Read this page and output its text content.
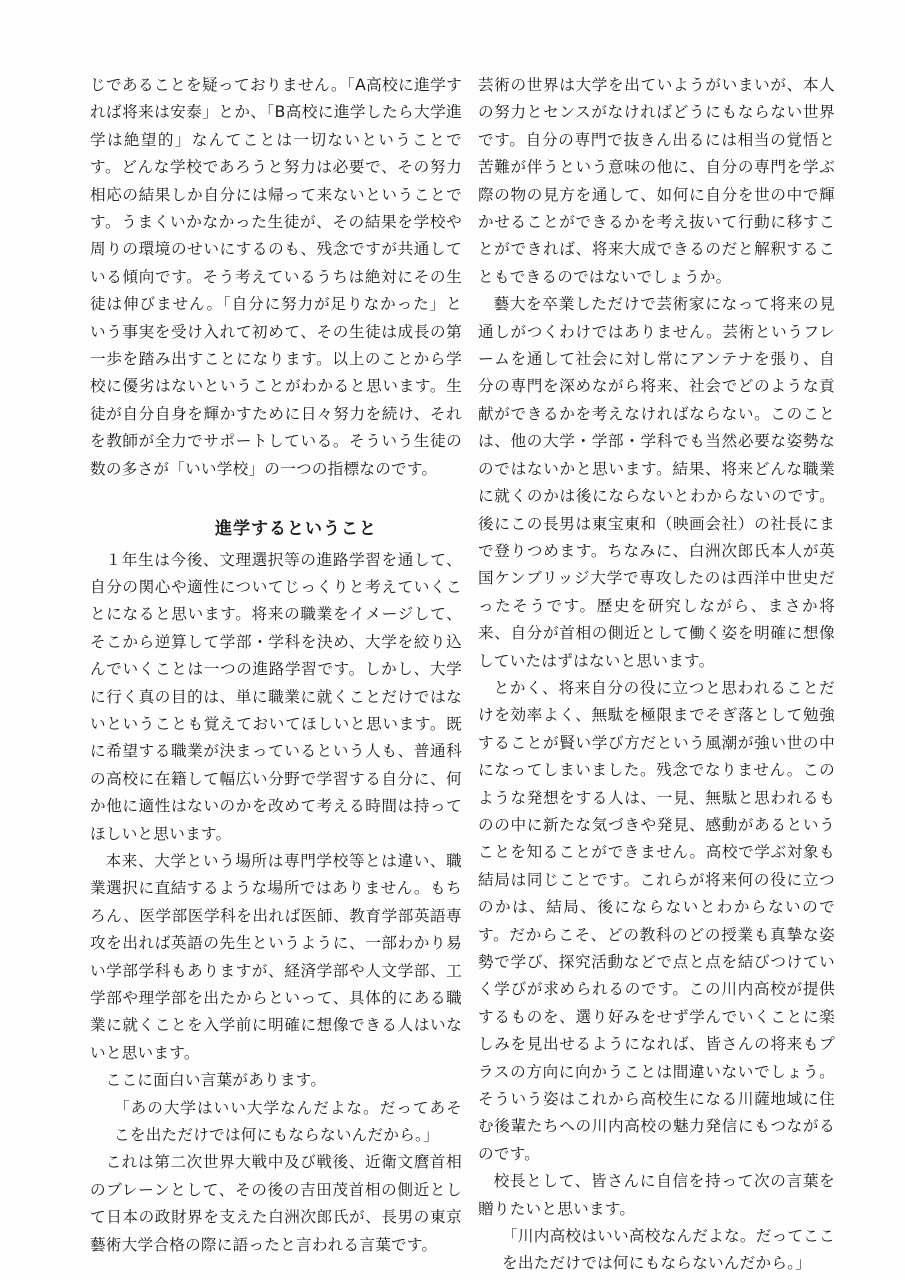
じであることを疑っておりません。「A高校に進学すれば将来は安泰」とか、「B高校に進学したら大学進学は絶望的」なんてことは一切ないということです。どんな学校であろうと努力は必要で、その努力相応の結果しか自分には帰って来ないということです。うまくいかなかった生徒が、その結果を学校や周りの環境のせいにするのも、残念ですが共通している傾向です。そう考えているうちは絶対にその生徒は伸びません。「自分に努力が足りなかった」という事実を受け入れて初めて、その生徒は成長の第一歩を踏み出すことになります。以上のことから学校に優劣はないということがわかると思います。生徒が自分自身を輝かすために日々努力を続け、それを教師が全力でサポートしている。そういう生徒の数の多さが「いい学校」の一つの指標なのです。

進学するということ

１年生は今後、文理選択等の進路学習を通して、自分の関心や適性についてじっくりと考えていくことになると思います。将来の職業をイメージして、そこから逆算して学部・学科を決め、大学を絞り込んでいくことは一つの進路学習です。しかし、大学に行く真の目的は、単に職業に就くことだけではないということも覚えておいてほしいと思います。既に希望する職業が決まっているという人も、普通科の高校に在籍して幅広い分野で学習する自分に、何か他に適性はないのかを改めて考える時間は持ってほしいと思います。

本来、大学という場所は専門学校等とは違い、職業選択に直結するような場所ではありません。もちろん、医学部医学科を出れば医師、教育学部英語専攻を出れば英語の先生というように、一部わかり易い学部学科もありますが、経済学部や人文学部、工学部や理学部を出たからといって、具体的にある職業に就くことを入学前に明確に想像できる人はいないと思います。

ここに面白い言葉があります。

「あの大学はいい大学なんだよな。だってあそこを出ただけでは何にもならないんだから。」

これは第二次世界大戦中及び戦後、近衛文麿首相のブレーンとして、その後の吉田茂首相の側近として日本の政財界を支えた白洲次郎氏が、長男の東京藝術大学合格の際に語ったと言われる言葉です。

芸術の世界は大学を出ていようがいまいが、本人の努力とセンスがなければどうにもならない世界です。自分の専門で抜きん出るには相当の覚悟と苦難が伴うという意味の他に、自分の専門を学ぶ際の物の見方を通して、如何に自分を世の中で輝かせることができるかを考え抜いて行動に移すことができれば、将来大成できるのだと解釈することもできるのではないでしょうか。

藝大を卒業しただけで芸術家になって将来の見通しがつくわけではありません。芸術というフレームを通して社会に対し常にアンテナを張り、自分の専門を深めながら将来、社会でどのような貢献ができるかを考えなければならない。このことは、他の大学・学部・学科でも当然必要な姿勢なのではないかと思います。結果、将来どんな職業に就くのかは後にならないとわからないのです。後にこの長男は東宝東和（映画会社）の社長にまで登りつめます。ちなみに、白洲次郎氏本人が英国ケンブリッジ大学で専攻したのは西洋中世史だったそうです。歴史を研究しながら、まさか将来、自分が首相の側近として働く姿を明確に想像していたはずはないと思います。

とかく、将来自分の役に立つと思われることだけを効率よく、無駄を極限までそぎ落として勉強することが賢い学び方だという風潮が強い世の中になってしまいました。残念でなりません。このような発想をする人は、一見、無駄と思われるものの中に新たな気づきや発見、感動があるということを知ることができません。高校で学ぶ対象も結局は同じことです。これらが将来何の役に立つのかは、結局、後にならないとわからないのです。だからこそ、どの教科のどの授業も真摯な姿勢で学び、探究活動などで点と点を結びつけていく学びが求められるのです。この川内高校が提供するものを、選り好みをせず学んでいくことに楽しみを見出せるようになれば、皆さんの将来もプラスの方向に向かうことは間違いないでしょう。そういう姿はこれから高校生になる川薩地域に住む後輩たちへの川内高校の魅力発信にもつながるのです。

校長として、皆さんに自信を持って次の言葉を贈りたいと思います。

「川内高校はいい高校なんだよな。だってここを出ただけでは何にもならないんだから。」
